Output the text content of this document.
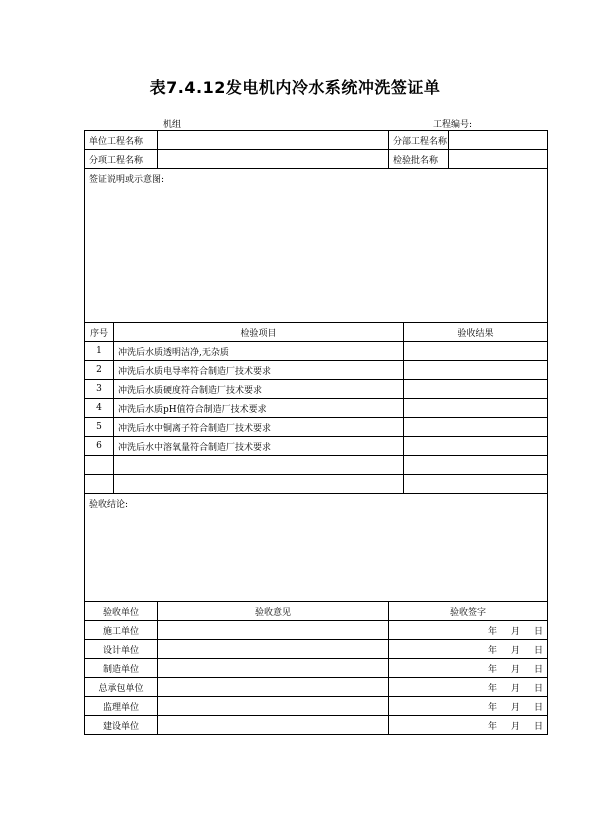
表7.4.12发电机内冷水系统冲洗签证单
机组	工程编号:
单位工程名称			分部工程名称		
分项工程名称			检验批名称		
签证说明或示意图:					
序号	检验项目			验收结果	
1	冲洗后水质透明洁净,无杂质				
2	冲洗后水质电导率符合制造厂技术要求				
3	冲洗后水质硬度符合制造厂技术要求				
4	冲洗后水质pH值符合制造厂技术要求				
5	冲洗后水中铜离子符合制造厂技术要求				
6	冲洗后水中溶氧量符合制造厂技术要求				

验收结论:					
验收单位		验收意见	验收签字		
施工单位			年 月 日		
设计单位			年 月 日		
制造单位			年 月 日		
总承包单位			年 月 日		
监理单位			年 月 日		
建设单位			年 月 日		
